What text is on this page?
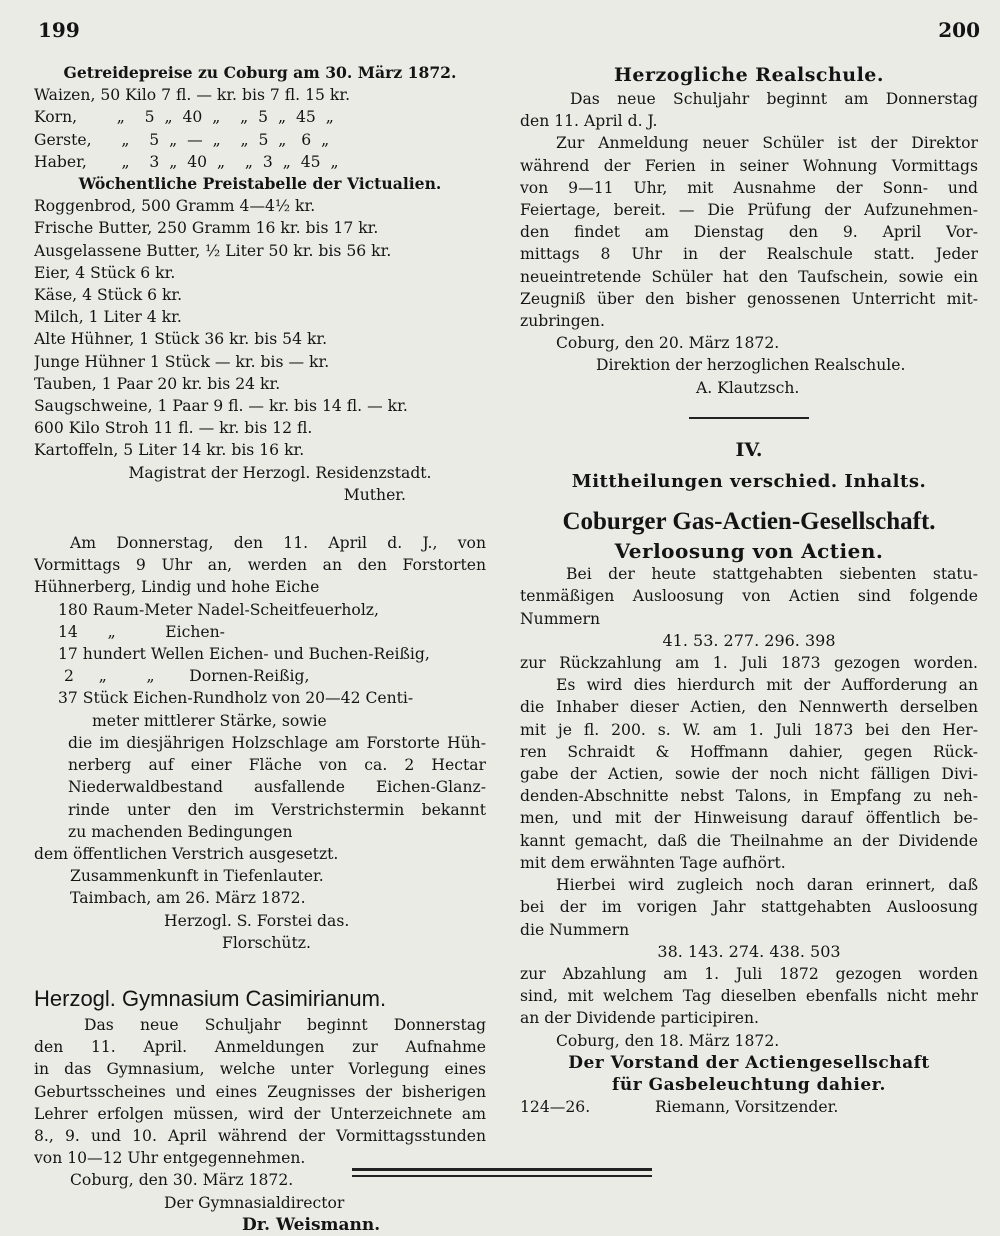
199	200
Getreidepreise zu Coburg am 30. März 1872.
Waizen, 50 Kilo 7 fl. — kr. bis 7 fl. 15 kr.
Korn,        „    5  „  40  „    „  5  „  45  „
Gerste,      „    5  „  —  „    „  5  „   6  „
Haber,       „    3  „  40  „    „  3  „  45  „
Wöchentliche Preistabelle der Victualien.
Roggenbrod, 500 Gramm 4—4½ kr.
Frische Butter, 250 Gramm 16 kr. bis 17 kr.
Ausgelassene Butter, ½ Liter 50 kr. bis 56 kr.
Eier, 4 Stück 6 kr.
Käse, 4 Stück 6 kr.
Milch, 1 Liter 4 kr.
Alte Hühner, 1 Stück 36 kr. bis 54 kr.
Junge Hühner 1 Stück — kr. bis — kr.
Tauben, 1 Paar 20 kr. bis 24 kr.
Saugschweine, 1 Paar 9 fl. — kr. bis 14 fl. — kr.
600 Kilo Stroh 11 fl. — kr. bis 12 fl.
Kartoffeln, 5 Liter 14 kr. bis 16 kr.
Magistrat der Herzogl. Residenzstadt.
Muther.
Am Donnerstag, den 11. April d. J., von
Vormittags 9 Uhr an, werden an den Forstorten
Hühnerberg, Lindig und hohe Eiche
180 Raum-Meter Nadel-Scheitfeuerholz,
14      „          Eichen-
17 hundert Wellen Eichen- und Buchen-Reißig,
2     „        „       Dornen-Reißig,
37 Stück Eichen-Rundholz von 20—42 Centi-
meter mittlerer Stärke, sowie
die im diesjährigen Holzschlage am Forstorte Hüh-
nerberg auf einer Fläche von ca. 2 Hectar
Niederwaldbestand ausfallende Eichen-Glanz-
rinde unter den im Verstrichstermin bekannt
zu machenden Bedingungen
dem öffentlichen Verstrich ausgesetzt.
Zusammenkunft in Tiefenlauter.
Taimbach, am 26. März 1872.
Herzogl. S. Forstei das.
Florschütz.
Herzogl. Gymnasium Casimirianum.
Das neue Schuljahr beginnt Donnerstag
den 11. April. Anmeldungen zur Aufnahme
in das Gymnasium, welche unter Vorlegung eines
Geburtsscheines und eines Zeugnisses der bisherigen
Lehrer erfolgen müssen, wird der Unterzeichnete am
8., 9. und 10. April während der Vormittagsstunden
von 10—12 Uhr entgegennehmen.
Coburg, den 30. März 1872.
Der Gymnasialdirector
Dr. Weismann.
Herzogliche Realschule.
Das neue Schuljahr beginnt am Donnerstag
den 11. April d. J.
Zur Anmeldung neuer Schüler ist der Direktor
während der Ferien in seiner Wohnung Vormittags
von 9—11 Uhr, mit Ausnahme der Sonn- und
Feiertage, bereit. — Die Prüfung der Aufzunehmen-
den findet am Dienstag den 9. April Vor-
mittags 8 Uhr in der Realschule statt. Jeder
neueintretende Schüler hat den Taufschein, sowie ein
Zeugniß über den bisher genossenen Unterricht mit-
zubringen.
Coburg, den 20. März 1872.
Direktion der herzoglichen Realschule.
A. Klautzsch.
IV.
Mittheilungen verschied. Inhalts.
Coburger Gas-Actien-Gesellschaft.
Verloosung von Actien.
Bei der heute stattgehabten siebenten statu-
tenmäßigen Ausloosung von Actien sind folgende
Nummern
41. 53. 277. 296. 398
zur Rückzahlung am 1. Juli 1873 gezogen worden.
Es wird dies hierdurch mit der Aufforderung an
die Inhaber dieser Actien, den Nennwerth derselben
mit je fl. 200. s. W. am 1. Juli 1873 bei den Her-
ren Schraidt & Hoffmann dahier, gegen Rück-
gabe der Actien, sowie der noch nicht fälligen Divi-
denden-Abschnitte nebst Talons, in Empfang zu neh-
men, und mit der Hinweisung darauf öffentlich be-
kannt gemacht, daß die Theilnahme an der Dividende
mit dem erwähnten Tage aufhört.
Hierbei wird zugleich noch daran erinnert, daß
bei der im vorigen Jahr stattgehabten Ausloosung
die Nummern
38. 143. 274. 438. 503
zur Abzahlung am 1. Juli 1872 gezogen worden
sind, mit welchem Tag dieselben ebenfalls nicht mehr
an der Dividende participiren.
Coburg, den 18. März 1872.
Der Vorstand der Actiengesellschaft
für Gasbeleuchtung dahier.
124—26.	Riemann, Vorsitzender.
